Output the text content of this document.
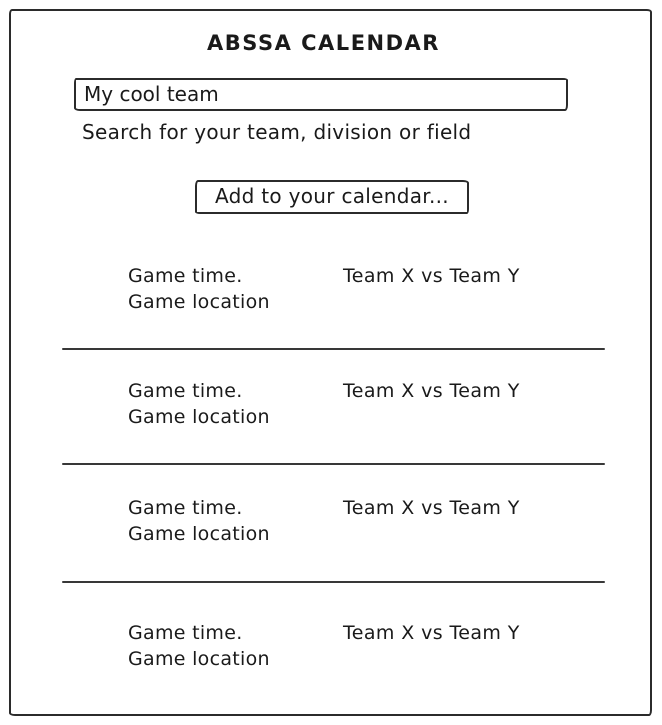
ABSSA CALENDAR
My cool team
Search for your team, division or field
Add to your calendar...
Game time.
Game location
Team X vs Team Y
Game time.
Game location
Team X vs Team Y
Game time.
Game location
Team X vs Team Y
Game time.
Game location
Team X vs Team Y
